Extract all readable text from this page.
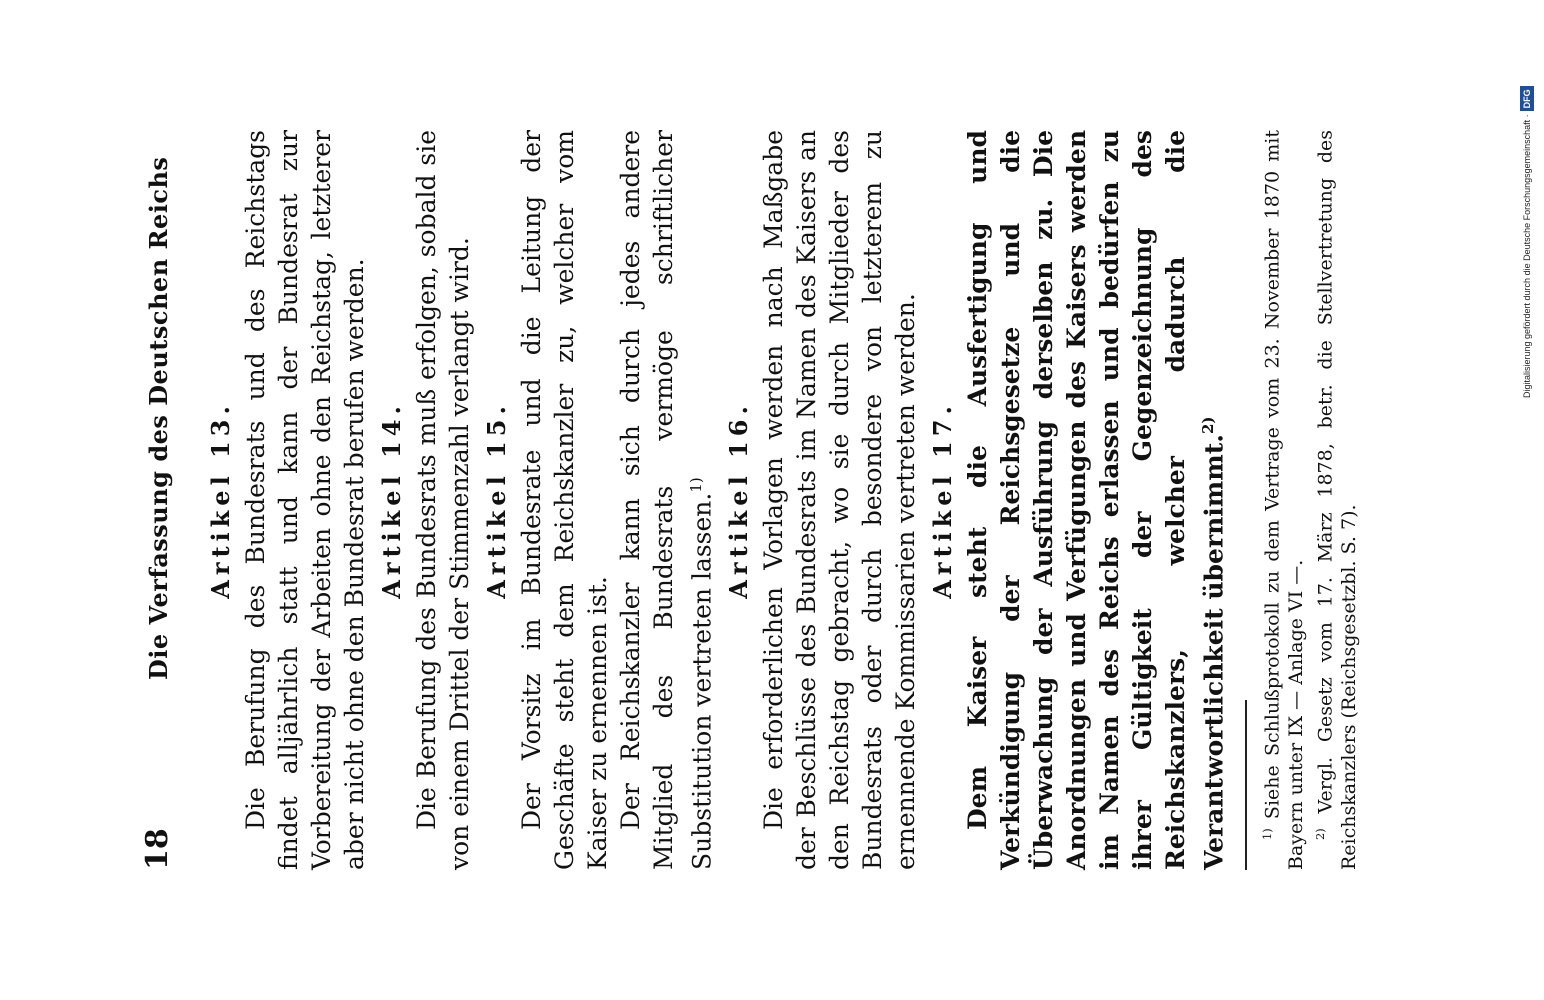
18
Die Verfassung des Deutschen Reichs Artikel 13. Die Berufung des Bundesrats und des Reichstags findet alljährlich statt und kann der Bundesrat zur Vorbereitung der Arbeiten ohne den Reichstag, letzterer aber nicht ohne den Bundesrat berufen werden. Artikel 14. Die Berufung des Bundesrats muß erfolgen, sobald sie von einem Drittel der Stimmenzahl verlangt wird. Artikel 15. Der Vorsitz im Bundesrate und die Leitung der Geschäfte steht dem Reichskanzler zu, welcher vom Kaiser zu ernennen ist. Der Reichskanzler kann sich durch jedes andere Mitglied des Bundesrats vermöge schriftlicher Substitution vertreten lassen.$^{1)}$ Artikel 16. Die erforderlichen Vorlagen werden nach Maßgabe der Beschlüsse des Bundesrats im Namen des Kaisers an den Reichstag gebracht, wo sie durch Mitglieder des Bundesrats oder durch besondere von letzterem zu ernennende Kommissarien vertreten werden. Artikel 17. Dem Kaiser steht die Ausfertigung und Verkündigung der Reichsgesetze und die Überwachung der Ausführung derselben zu. Die Anordnungen und Verfügungen des Kaisers werden im Namen des Reichs erlassen und bedürfen zu ihrer Gültigkeit der Gegenzeichnung des Reichskanzlers, welcher dadurch die Verantwortlichkeit übernimmt.$^{2)}$

$^{1)}$ Siehe Schlußprotokoll zu dem Vertrage vom 23. November 1870 mit Bayern unter IX — Anlage VI —. $^{2)}$ Vergl. Gesetz vom 17. März 1878, betr. die Stellvertretung des Reichskanzlers (Reichsgesetzbl. S. 7).

Digitalisierung gefördert durch die Deutsche Forschungsgemeinschaft ·DFG
